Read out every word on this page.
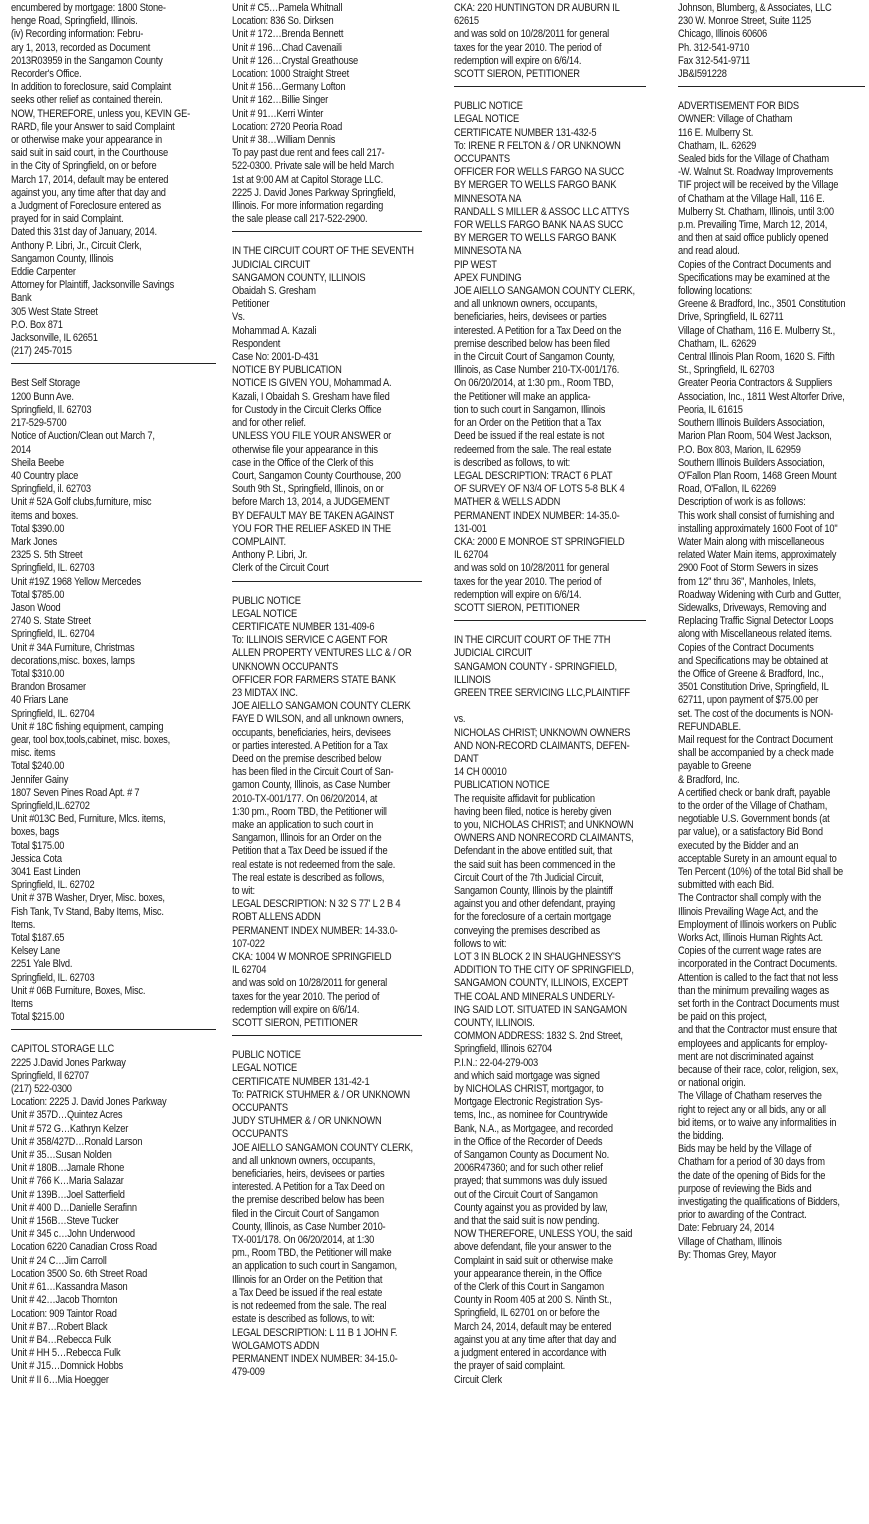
encumbered by mortgage: 1800 Stone-
henge Road, Springfield, Illinois.
(iv) Recording information: Febru-
ary 1, 2013, recorded as Document
2013R03959 in the Sangamon County
Recorder's Office.
In addition to foreclosure, said Complaint
seeks other relief as contained therein.
NOW, THEREFORE, unless you, KEVIN GE-
RARD, file your Answer to said Complaint
or otherwise make your appearance in
said suit in said court, in the Courthouse
in the City of Springfield, on or before
March 17, 2014, default may be entered
against you, any time after that day and
a Judgment of Foreclosure entered as
prayed for in said Complaint.
Dated this 31st day of January, 2014.
Anthony P. Libri, Jr., Circuit Clerk,
Sangamon County, Illinois
Eddie Carpenter
Attorney for Plaintiff, Jacksonville Savings
Bank
305 West State Street
P.O. Box 871
Jacksonville, IL 62651
(217) 245-7015
Best Self Storage
1200 Bunn Ave.
Springfield, Il. 62703
217-529-5700
Notice of Auction/Clean out March 7,
2014
Sheila Beebe
40 Country place
Springfield, il. 62703
Unit # 52A Golf clubs,furniture, misc
items and boxes.
Total $390.00
Mark Jones
2325 S. 5th Street
Springfield, IL. 62703
Unit #19Z 1968 Yellow Mercedes
Total $785.00
Jason Wood
2740 S. State Street
Springfield, IL. 62704
Unit # 34A Furniture, Christmas
decorations,misc. boxes, lamps
Total $310.00
Brandon Brosamer
40 Friars Lane
Springfield, IL. 62704
Unit # 18C fishing equipment, camping
gear, tool box,tools,cabinet, misc. boxes,
misc. items
Total $240.00
Jennifer Gainy
1807 Seven Pines Road Apt. # 7
Springfield,IL.62702
Unit #013C Bed, Furniture, Mlcs. items,
boxes, bags
Total $175.00
Jessica Cota
3041 East Linden
Springfield, IL. 62702
Unit # 37B Washer, Dryer, Misc. boxes,
Fish Tank, Tv Stand, Baby Items, Misc.
Items.
Total $187.65
Kelsey Lane
2251 Yale Blvd.
Springfield, IL. 62703
Unit # 06B Furniture, Boxes, Misc.
Items
Total $215.00
CAPITOL STORAGE LLC
2225 J.David Jones Parkway
Springfield, Il 62707
(217) 522-0300
Location: 2225 J. David Jones Parkway
Unit # 357D…Quintez Acres
Unit # 572 G…Kathryn Kelzer
Unit # 358/427D…Ronald Larson
Unit # 35…Susan Nolden
Unit # 180B…Jamale Rhone
Unit # 766 K…Maria Salazar
Unit # 139B…Joel Satterfield
Unit # 400 D…Danielle Serafinn
Unit # 156B…Steve Tucker
Unit # 345 c…John Underwood
Location 6220 Canadian Cross Road
Unit # 24 C…Jim Carroll
Location 3500 So. 6th Street Road
Unit # 61…Kassandra Mason
Unit # 42…Jacob Thornton
Location: 909 Taintor Road
Unit # B7…Robert Black
Unit # B4…Rebecca Fulk
Unit # HH 5…Rebecca Fulk
Unit # J15…Domnick Hobbs
Unit # II 6…Mia Hoegger
Unit # C5…Pamela Whitnall
Location: 836 So. Dirksen
Unit # 172…Brenda Bennett
Unit # 196…Chad Cavenaili
Unit # 126…Crystal Greathouse
Location: 1000 Straight Street
Unit # 156…Germany Lofton
Unit # 162…Billie Singer
Unit # 91…Kerri Winter
Location: 2720 Peoria Road
Unit # 38…William Dennis
To pay past due rent and fees call 217-
522-0300. Private sale will be held March
1st at 9:00 AM at Capitol Storage LLC.
2225 J. David Jones Parkway Springfield,
Illinois. For more information regarding
the sale please call 217-522-2900.
IN THE CIRCUIT COURT OF THE SEVENTH
JUDICIAL CIRCUIT
SANGAMON COUNTY, ILLINOIS
Obaidah S. Gresham
Petitioner
Vs.
Mohammad A. Kazali
Respondent
Case No: 2001-D-431
NOTICE BY PUBLICATION
NOTICE IS GIVEN YOU, Mohammad A.
Kazali, I Obaidah S. Gresham have filed
for Custody in the Circuit Clerks Office
and for other relief.
UNLESS YOU FILE YOUR ANSWER or
otherwise file your appearance in this
case in the Office of the Clerk of this
Court, Sangamon County Courthouse, 200
South 9th St., Springfield, Illinois, on or
before March 13, 2014, a JUDGEMENT
BY DEFAULT MAY BE TAKEN AGAINST
YOU FOR THE RELIEF ASKED IN THE
COMPLAINT.
Anthony P. Libri, Jr.
Clerk of the Circuit Court
PUBLIC NOTICE
LEGAL NOTICE
CERTIFICATE NUMBER 131-409-6
To: ILLINOIS SERVICE C AGENT FOR
ALLEN PROPERTY VENTURES LLC & / OR
UNKNOWN OCCUPANTS
OFFICER FOR FARMERS STATE BANK
23 MIDTAX INC.
JOE AIELLO SANGAMON COUNTY CLERK
FAYE D WILSON, and all unknown owners,
occupants, beneficiaries, heirs, devisees
or parties interested. A Petition for a Tax
Deed on the premise described below
has been filed in the Circuit Court of San-
gamon County, Illinois, as Case Number
2010-TX-001/177. On 06/20/2014, at
1:30 pm., Room TBD, the Petitioner will
make an application to such court in
Sangamon, Illinois for an Order on the
Petition that a Tax Deed be issued if the
real estate is not redeemed from the sale.
The real estate is described as follows,
to wit:
LEGAL DESCRIPTION: N 32 S 77' L 2 B 4
ROBT ALLENS ADDN
PERMANENT INDEX NUMBER: 14-33.0-
107-022
CKA: 1004 W MONROE SPRINGFIELD
IL 62704
and was sold on 10/28/2011 for general
taxes for the year 2010. The period of
redemption will expire on 6/6/14.
SCOTT SIERON, PETITIONER
PUBLIC NOTICE
LEGAL NOTICE
CERTIFICATE NUMBER 131-42-1
To: PATRICK STUHMER & / OR UNKNOWN
OCCUPANTS
JUDY STUHMER & / OR UNKNOWN
OCCUPANTS
JOE AIELLO SANGAMON COUNTY CLERK,
and all unknown owners, occupants,
beneficiaries, heirs, devisees or parties
interested. A Petition for a Tax Deed on
the premise described below has been
filed in the Circuit Court of Sangamon
County, Illinois, as Case Number 2010-
TX-001/178. On 06/20/2014, at 1:30
pm., Room TBD, the Petitioner will make
an application to such court in Sangamon,
Illinois for an Order on the Petition that
a Tax Deed be issued if the real estate
is not redeemed from the sale. The real
estate is described as follows, to wit:
LEGAL DESCRIPTION: L 11 B 1 JOHN F.
WOLGAMOTS ADDN
PERMANENT INDEX NUMBER: 34-15.0-
479-009
CKA: 220 HUNTINGTON DR AUBURN IL
62615
and was sold on 10/28/2011 for general
taxes for the year 2010. The period of
redemption will expire on 6/6/14.
SCOTT SIERON, PETITIONER
PUBLIC NOTICE
LEGAL NOTICE
CERTIFICATE NUMBER 131-432-5
To: IRENE R FELTON & / OR UNKNOWN
OCCUPANTS
OFFICER FOR WELLS FARGO NA SUCC
BY MERGER TO WELLS FARGO BANK
MINNESOTA NA
RANDALL S MILLER & ASSOC LLC ATTYS
FOR WELLS FARGO BANK NA AS SUCC
BY MERGER TO WELLS FARGO BANK
MINNESOTA NA
PIP WEST
APEX FUNDING
JOE AIELLO SANGAMON COUNTY CLERK,
and all unknown owners, occupants,
beneficiaries, heirs, devisees or parties
interested. A Petition for a Tax Deed on the
premise described below has been filed
in the Circuit Court of Sangamon County,
Illinois, as Case Number 210-TX-001/176.
On 06/20/2014, at 1:30 pm., Room TBD,
the Petitioner will make an applica-
tion to such court in Sangamon, Illinois
for an Order on the Petition that a Tax
Deed be issued if the real estate is not
redeemed from the sale. The real estate
is described as follows, to wit:
LEGAL DESCRIPTION: TRACT 6 PLAT
OF SURVEY OF N3/4 OF LOTS 5-8 BLK 4
MATHER & WELLS ADDN
PERMANENT INDEX NUMBER: 14-35.0-
131-001
CKA: 2000 E MONROE ST SPRINGFIELD
IL 62704
and was sold on 10/28/2011 for general
taxes for the year 2010. The period of
redemption will expire on 6/6/14.
SCOTT SIERON, PETITIONER
IN THE CIRCUIT COURT OF THE 7TH
JUDICIAL CIRCUIT
SANGAMON COUNTY - SPRINGFIELD,
ILLINOIS
GREEN TREE SERVICING LLC,PLAINTIFF
vs.
NICHOLAS CHRIST; UNKNOWN OWNERS
AND NON-RECORD CLAIMANTS, DEFEN-
DANT
14 CH 00010
PUBLICATION NOTICE
The requisite affidavit for publication
having been filed, notice is hereby given
to you, NICHOLAS CHRIST; and UNKNOWN
OWNERS AND NONRECORD CLAIMANTS,
Defendant in the above entitled suit, that
the said suit has been commenced in the
Circuit Court of the 7th Judicial Circuit,
Sangamon County, Illinois by the plaintiff
against you and other defendant, praying
for the foreclosure of a certain mortgage
conveying the premises described as
follows to wit:
LOT 3 IN BLOCK 2 IN SHAUGHNESSY'S
ADDITION TO THE CITY OF SPRINGFIELD,
SANGAMON COUNTY, ILLINOIS, EXCEPT
THE COAL AND MINERALS UNDERLY-
ING SAID LOT. SITUATED IN SANGAMON
COUNTY, ILLINOIS.
COMMON ADDRESS: 1832 S. 2nd Street,
Springfield, Illinois 62704
P.I.N.: 22-04-279-003
and which said mortgage was signed
by NICHOLAS CHRIST, mortgagor, to
Mortgage Electronic Registration Sys-
tems, Inc., as nominee for Countrywide
Bank, N.A., as Mortgagee, and recorded
in the Office of the Recorder of Deeds
of Sangamon County as Document No.
2006R47360; and for such other relief
prayed; that summons was duly issued
out of the Circuit Court of Sangamon
County against you as provided by law,
and that the said suit is now pending.
NOW THEREFORE, UNLESS YOU, the said
above defendant, file your answer to the
Complaint in said suit or otherwise make
your appearance therein, in the Office
of the Clerk of this Court in Sangamon
County in Room 405 at 200 S. Ninth St.,
Springfield, IL 62701 on or before the
March 24, 2014, default may be entered
against you at any time after that day and
a judgment entered in accordance with
the prayer of said complaint.
Circuit Clerk
Johnson, Blumberg, & Associates, LLC
230 W. Monroe Street, Suite 1125
Chicago, Illinois 60606
Ph. 312-541-9710
Fax 312-541-9711
JB&I591228
ADVERTISEMENT FOR BIDS
OWNER: Village of Chatham
116 E. Mulberry St.
Chatham, IL. 62629
Sealed bids for the Village of Chatham
-W. Walnut St. Roadway Improvements
TIF project will be received by the Village
of Chatham at the Village Hall, 116 E.
Mulberry St. Chatham, Illinois, until 3:00
p.m. Prevailing Time, March 12, 2014,
and then at said office publicly opened
and read aloud.
Copies of the Contract Documents and
Specifications may be examined at the
following locations:
Greene & Bradford, Inc., 3501 Constitution
Drive, Springfield, IL 62711
Village of Chatham, 116 E. Mulberry St.,
Chatham, IL. 62629
Central Illinois Plan Room, 1620 S. Fifth
St., Springfield, IL 62703
Greater Peoria Contractors & Suppliers
Association, Inc., 1811 West Altorfer Drive,
Peoria, IL 61615
Southern Illinois Builders Association,
Marion Plan Room, 504 West Jackson,
P.O. Box 803, Marion, IL 62959
Southern Illinois Builders Association,
O'Fallon Plan Room, 1468 Green Mount
Road, O'Fallon, IL 62269
Description of work is as follows:
This work shall consist of furnishing and
installing approximately 1600 Foot of 10"
Water Main along with miscellaneous
related Water Main items, approximately
2900 Foot of Storm Sewers in sizes
from 12" thru 36", Manholes, Inlets,
Roadway Widening with Curb and Gutter,
Sidewalks, Driveways, Removing and
Replacing Traffic Signal Detector Loops
along with Miscellaneous related items.
Copies of the Contract Documents
and Specifications may be obtained at
the Office of Greene & Bradford, Inc.,
3501 Constitution Drive, Springfield, IL
62711, upon payment of $75.00 per
set. The cost of the documents is NON-
REFUNDABLE.
Mail request for the Contract Document
shall be accompanied by a check made
payable to Greene
& Bradford, Inc.
A certified check or bank draft, payable
to the order of the Village of Chatham,
negotiable U.S. Government bonds (at
par value), or a satisfactory Bid Bond
executed by the Bidder and an
acceptable Surety in an amount equal to
Ten Percent (10%) of the total Bid shall be
submitted with each Bid.
The Contractor shall comply with the
Illinois Prevailing Wage Act, and the
Employment of Illinois workers on Public
Works Act, Illinois Human Rights Act.
Copies of the current wage rates are
incorporated in the Contract Documents.
Attention is called to the fact that not less
than the minimum prevailing wages as
set forth in the Contract Documents must
be paid on this project,
and that the Contractor must ensure that
employees and applicants for employ-
ment are not discriminated against
because of their race, color, religion, sex,
or national origin.
The Village of Chatham reserves the
right to reject any or all bids, any or all
bid items, or to waive any informalities in
the bidding.
Bids may be held by the Village of
Chatham for a period of 30 days from
the date of the opening of Bids for the
purpose of reviewing the Bids and
investigating the qualifications of Bidders,
prior to awarding of the Contract.
Date: February 24, 2014
Village of Chatham, Illinois
By: Thomas Grey, Mayor
